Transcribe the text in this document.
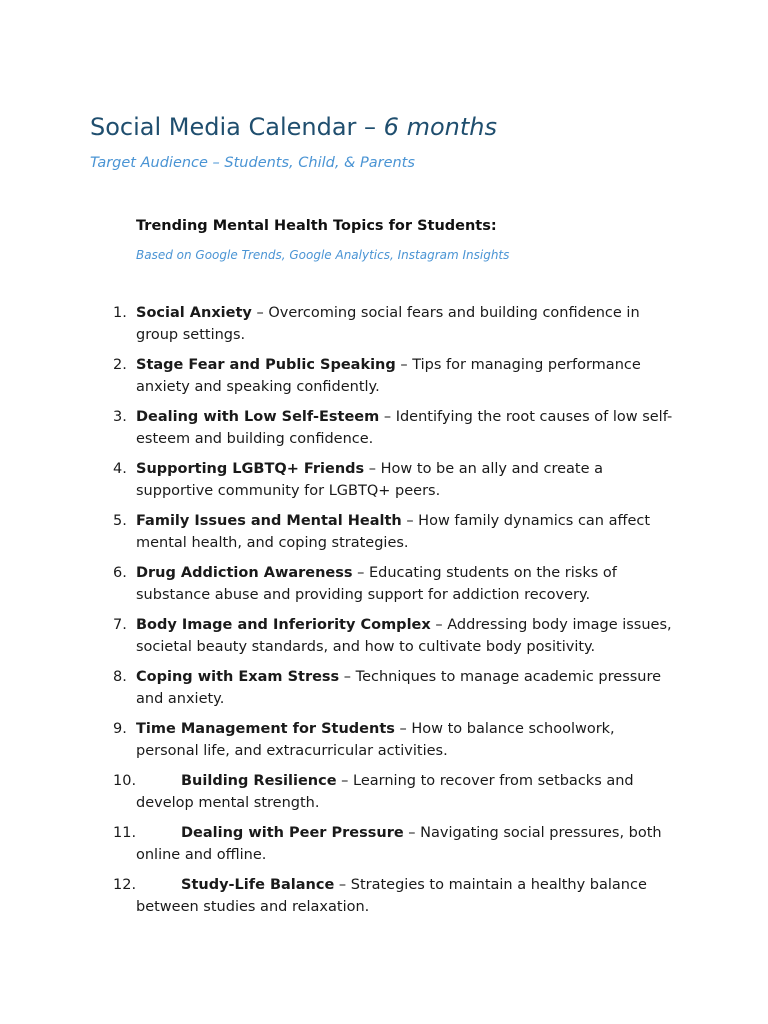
Social Media Calendar – 6 months
Target Audience – Students, Child, & Parents
Trending Mental Health Topics for Students:
Based on Google Trends, Google Analytics, Instagram Insights
1. Social Anxiety – Overcoming social fears and building confidence in group settings.
2. Stage Fear and Public Speaking – Tips for managing performance anxiety and speaking confidently.
3. Dealing with Low Self-Esteem – Identifying the root causes of low self-esteem and building confidence.
4. Supporting LGBTQ+ Friends – How to be an ally and create a supportive community for LGBTQ+ peers.
5. Family Issues and Mental Health – How family dynamics can affect mental health, and coping strategies.
6. Drug Addiction Awareness – Educating students on the risks of substance abuse and providing support for addiction recovery.
7. Body Image and Inferiority Complex – Addressing body image issues, societal beauty standards, and how to cultivate body positivity.
8. Coping with Exam Stress – Techniques to manage academic pressure and anxiety.
9. Time Management for Students – How to balance schoolwork, personal life, and extracurricular activities.
10.	Building Resilience – Learning to recover from setbacks and develop mental strength.
11.	Dealing with Peer Pressure – Navigating social pressures, both online and offline.
12.	Study-Life Balance – Strategies to maintain a healthy balance between studies and relaxation.
